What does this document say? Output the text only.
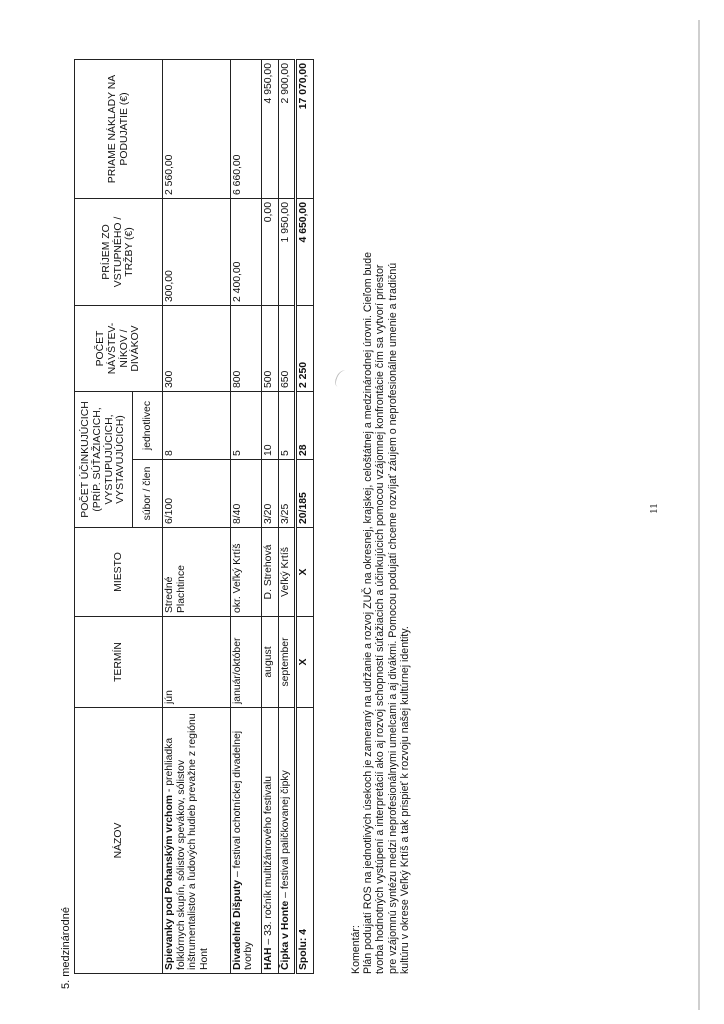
5. medzinárodné
NÁZOV	TERMÍN	MIESTO	POČET ÚČINKUJÚCICH (PRÍP. SÚŤAŽIACICH, VYSTUPUJÚCICH, VYSTAVUJÚCICH)		POČET NÁVŠTEV-NÍKOV / DIVÁKOV	PRÍJEM ZO VSTUPNÉHO / TRŽBY (€)	PRIAME NÁKLADY NA PODUJATIE (€)
			súbor / člen	jednotlivec			
Spievanky pod Pohanským vrchom - prehliadka folklórnych skupín, sólistov spevákov, sólistov inštrumentalistov a ľudových hudieb prevažne z regiónu Hont	jún	Stredné Plachtince	6/100	8	300	300,00	2 560,00
Divadelné Dišputy – festival ochotníckej divadelnej tvorby	január/október	okr. Veľký Krtíš	8/40	5	800	2 400,00	6 660,00
HAH – 33. ročník multižánrového festivalu	august	D. Strehová	3/20	10	500	0,00	4 950,00
Čipka v Honte – festival paličkovanej čipky	september	Veľký Krtíš	3/25	5	650	1 950,00	2 900,00
Spolu: 4	X	X	20/185	28	2 250	4 650,00	17 070,00

Komentár: Plán podujatí ROS na jednotlivých úsekoch je zameraný na udržanie a rozvoj ZUČ na okresnej, krajskej, celoštátnej a medzinárodnej úrovni. Cieľom bude tvorba hodnotných vystúpení a interpretácií ako aj rozvoj schopností súťažiacich a účinkujúcich pomocou vzájomnej konfrontácie čím sa vytvorí priestor pre vzájomnú syntézu medzi neprofesionálnymi umelcami a aj divákmi. Pomocou podujatí chceme rozvíjať záujem o neprofesionálne umenie a tradičnú kultúru v okrese Veľký Krtíš a tak prispieť k rozvoju našej kultúrnej identity.

11
